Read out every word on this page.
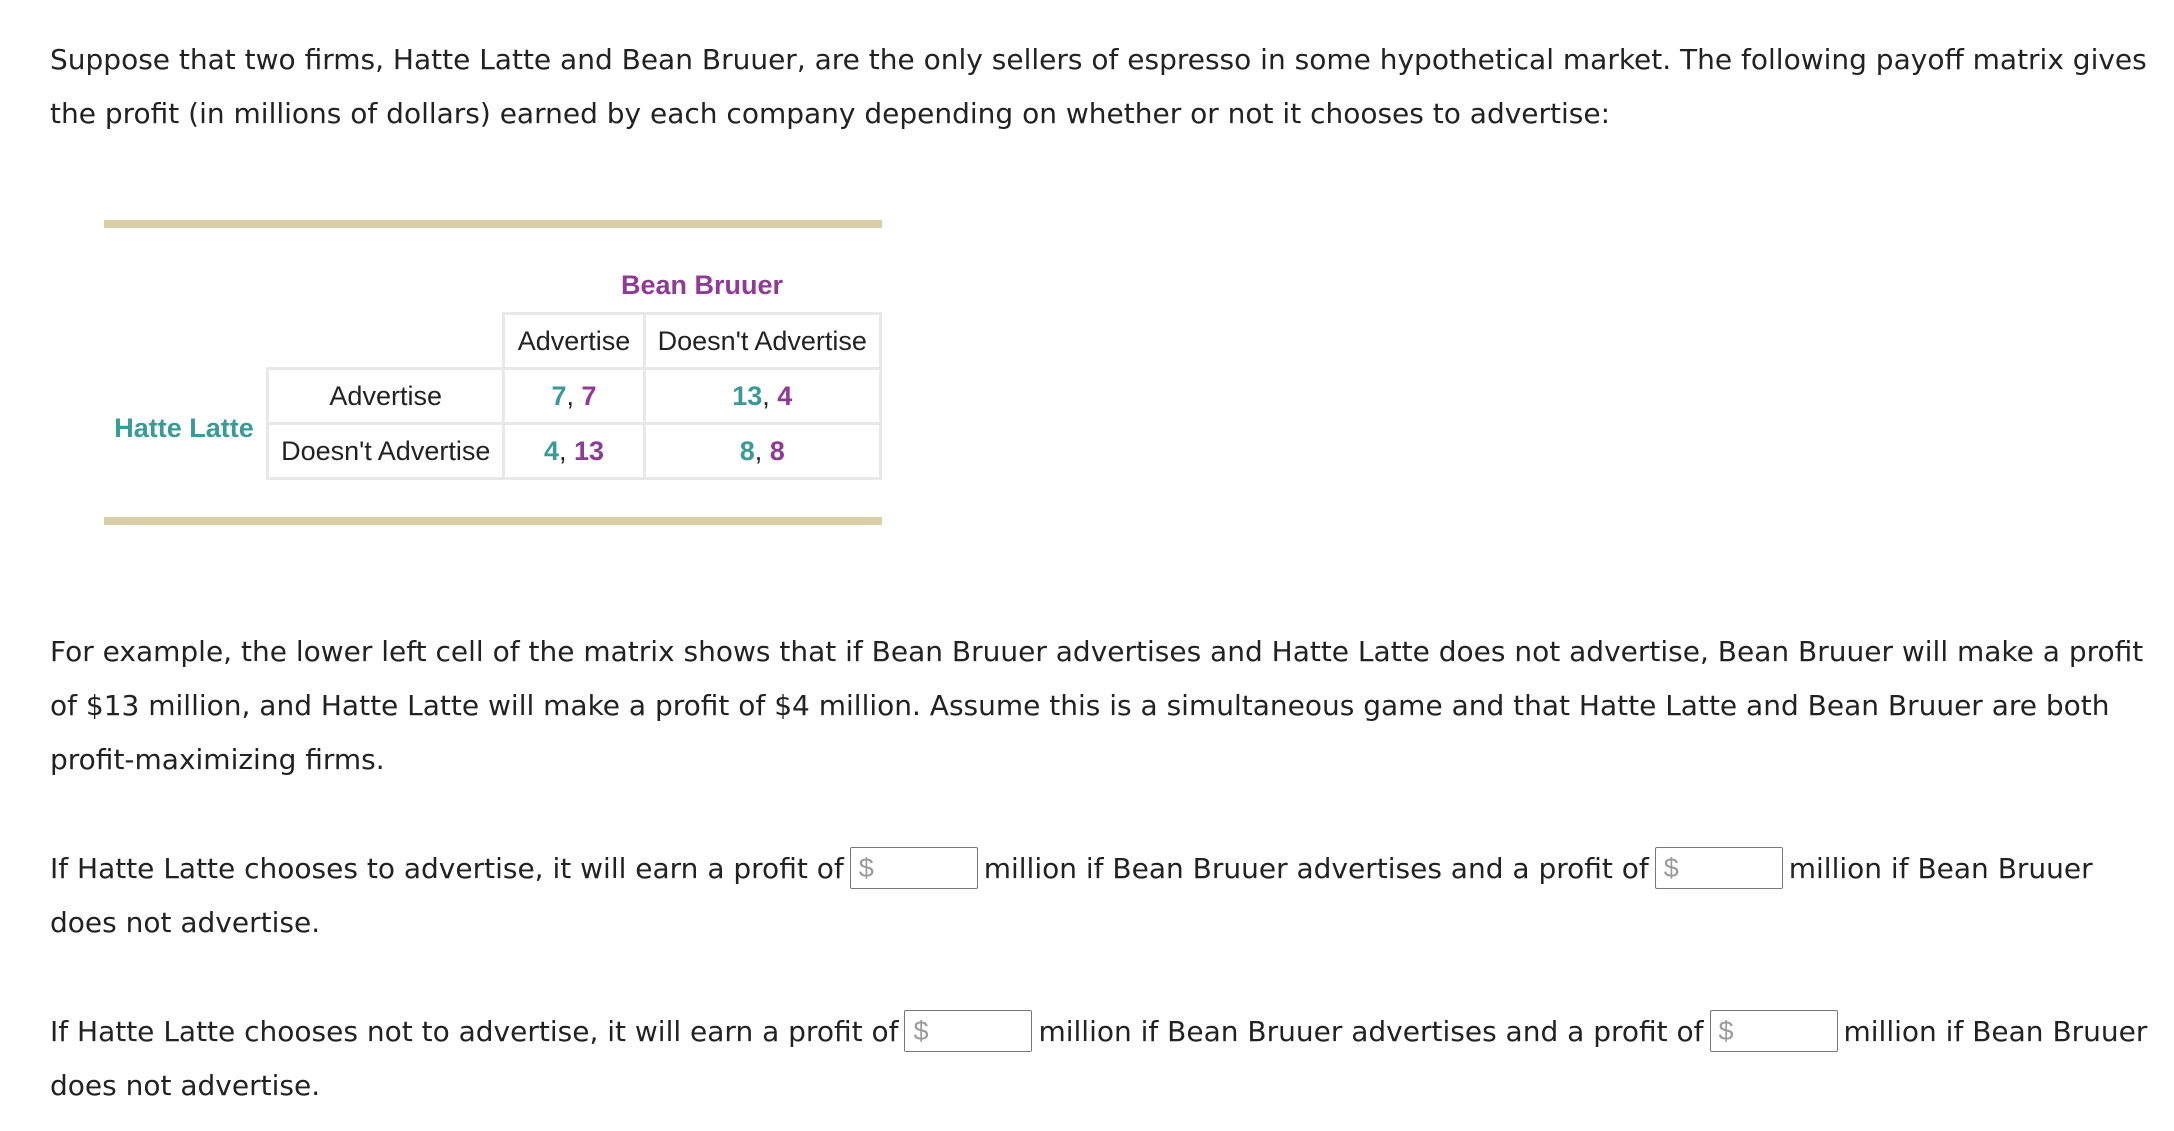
Suppose that two firms, Hatte Latte and Bean Bruuer, are the only sellers of espresso in some hypothetical market. The following payoff matrix gives the profit (in millions of dollars) earned by each company depending on whether or not it chooses to advertise:

Bean Bruuer
Hatte Latte
	Advertise	Doesn't Advertise
Advertise	7, 7	13, 4
Doesn't Advertise	4, 13	8, 8

For example, the lower left cell of the matrix shows that if Bean Bruuer advertises and Hatte Latte does not advertise, Bean Bruuer will make a profit of $13 million, and Hatte Latte will make a profit of $4 million. Assume this is a simultaneous game and that Hatte Latte and Bean Bruuer are both profit-maximizing firms.

If Hatte Latte chooses to advertise, it will earn a profit of $	million if Bean Bruuer advertises and a profit of $	million if Bean Bruuer does not advertise.
If Hatte Latte chooses not to advertise, it will earn a profit of $	million if Bean Bruuer advertises and a profit of $	million if Bean Bruuer does not advertise.
